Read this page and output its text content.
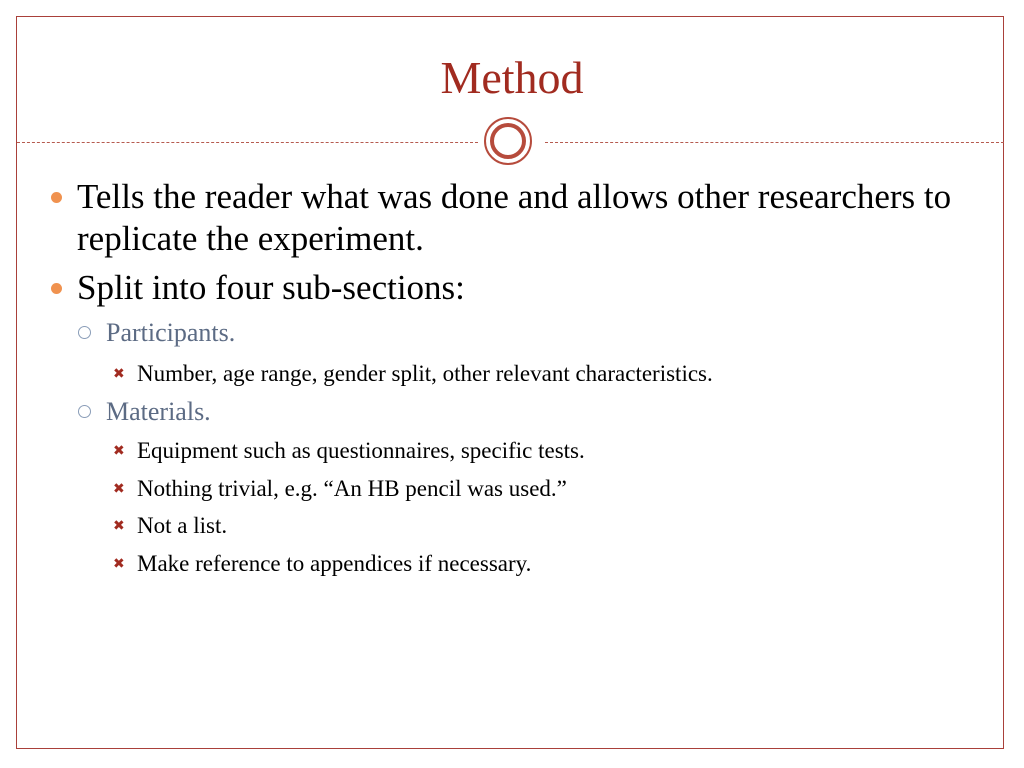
Method
Tells the reader what was done and allows other researchers to replicate the experiment.
Split into four sub-sections:
Participants.
✖ Number, age range, gender split, other relevant characteristics.
Materials.
✖ Equipment such as questionnaires, specific tests.
✖ Nothing trivial, e.g. “An HB pencil was used.”
✖ Not a list.
✖ Make reference to appendices if necessary.
